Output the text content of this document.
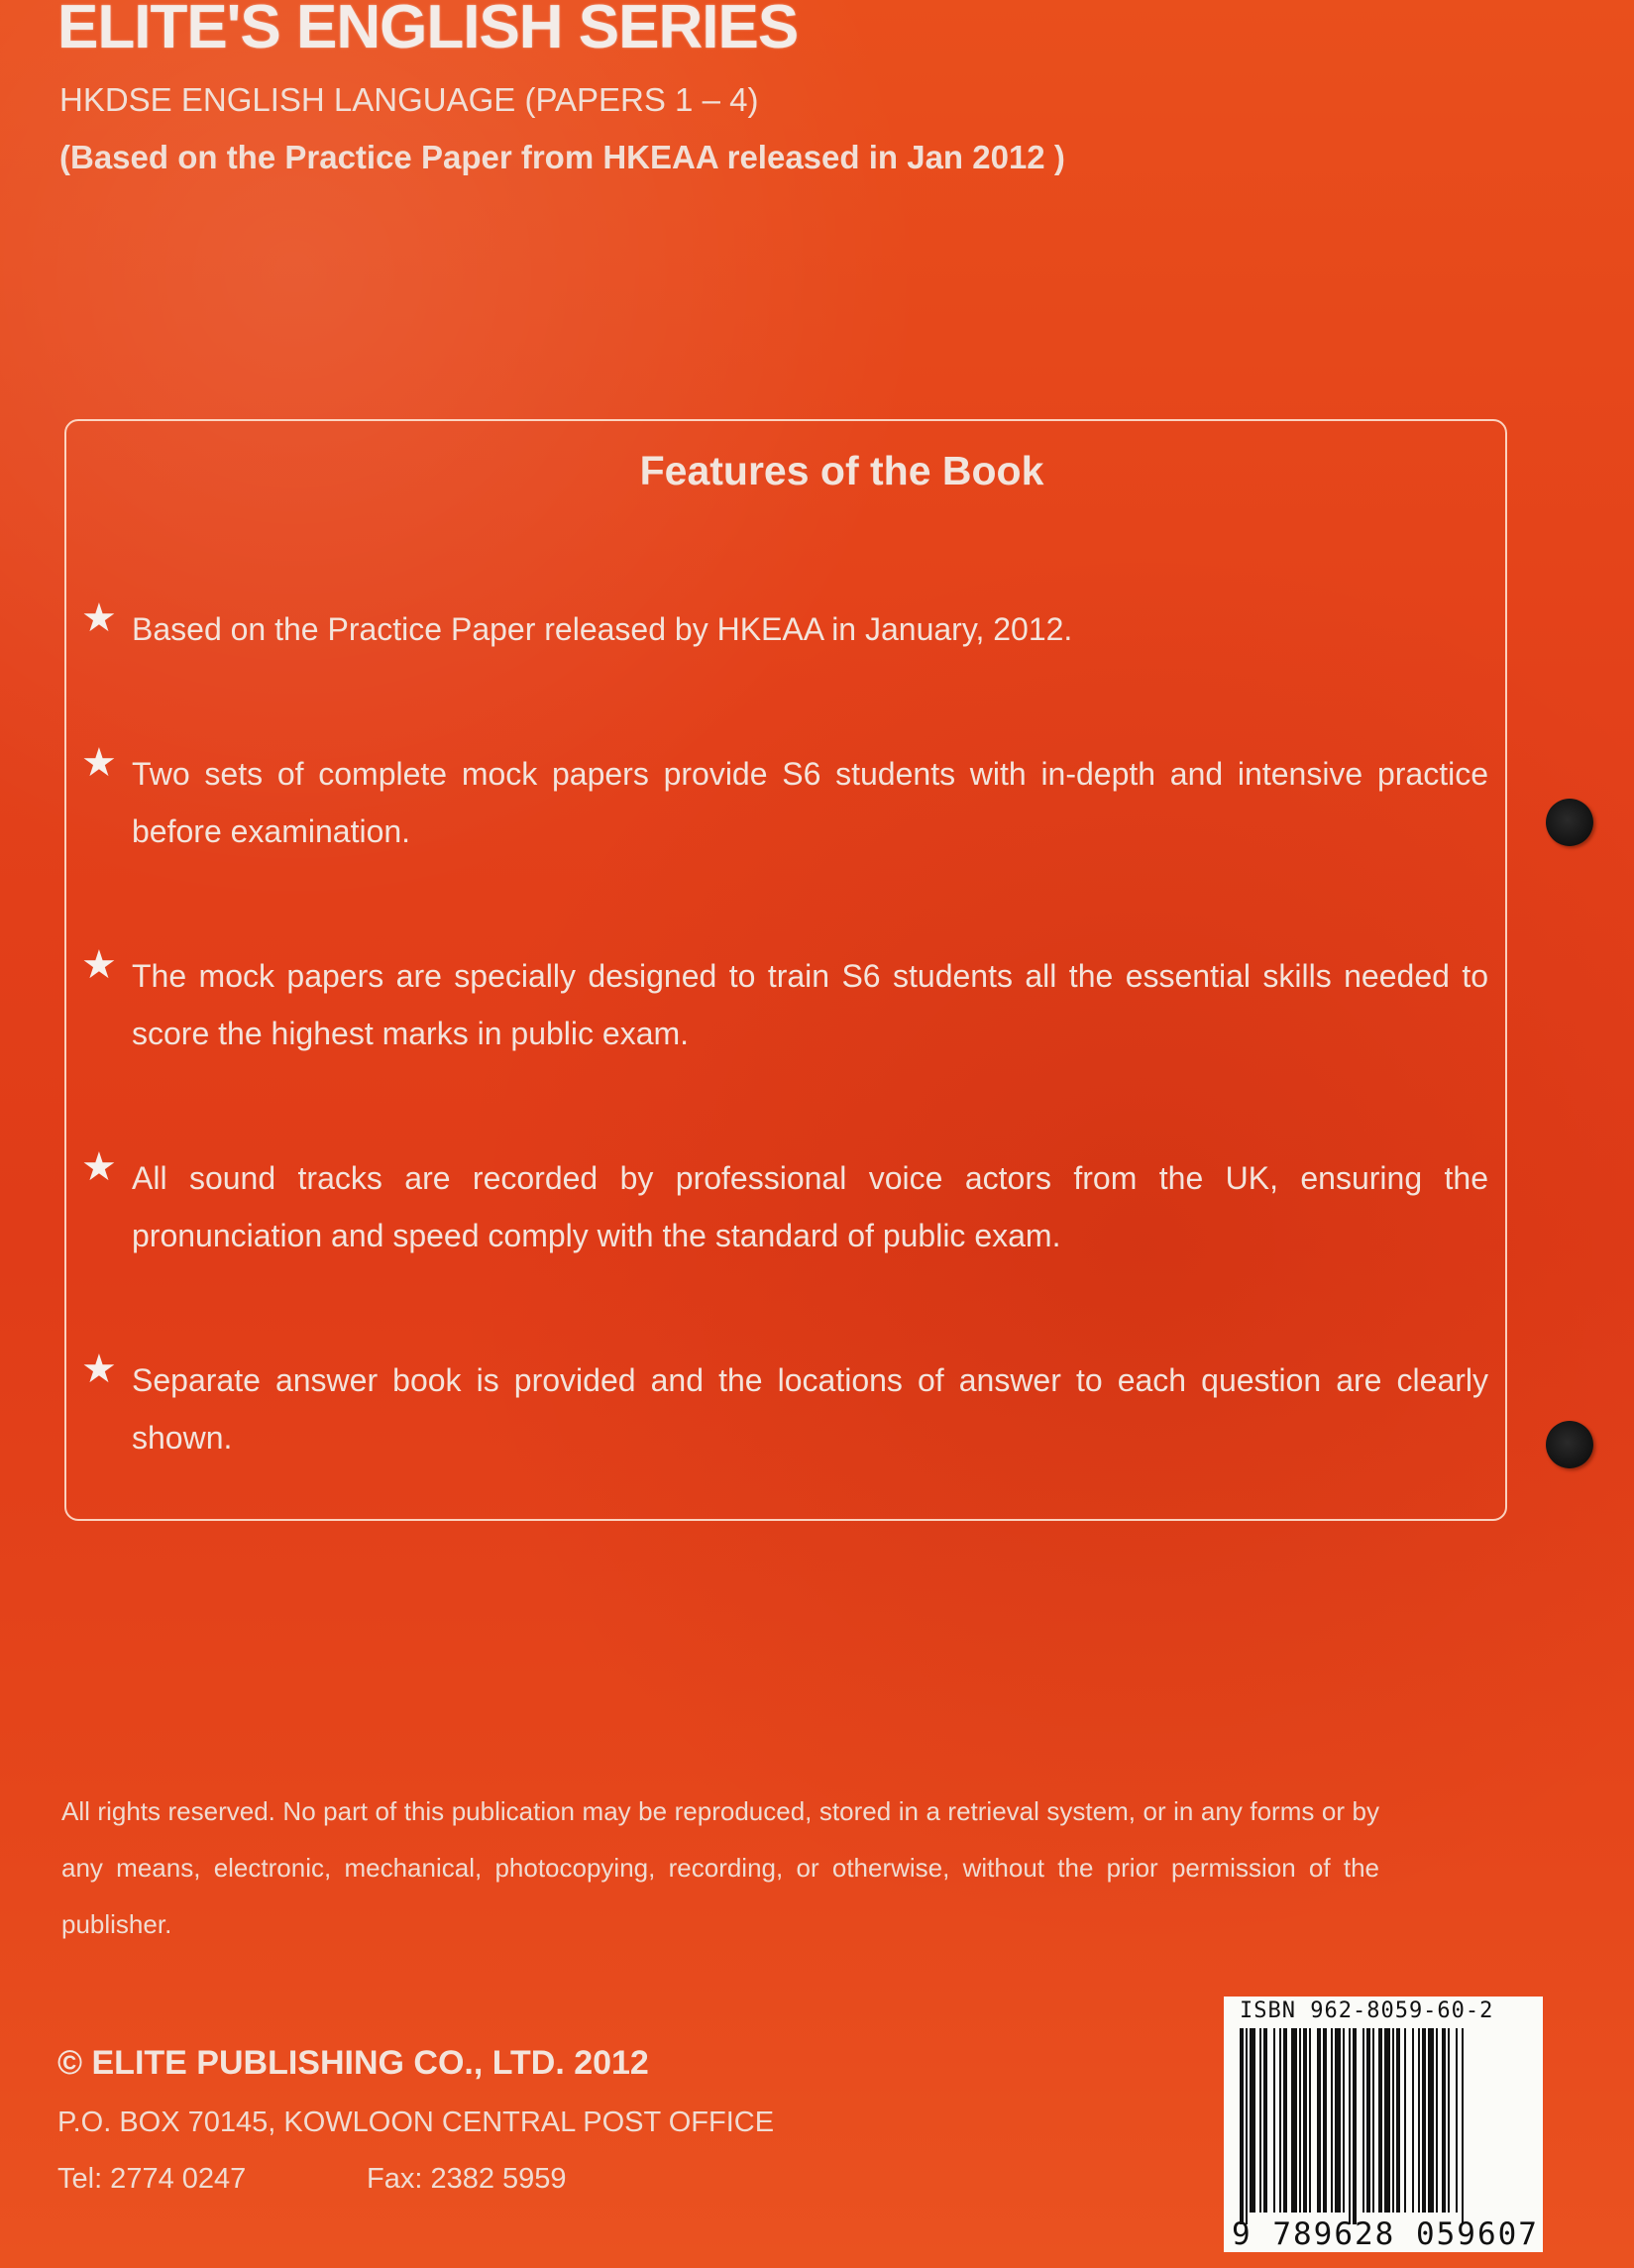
ELITE'S ENGLISH SERIES
HKDSE ENGLISH LANGUAGE (PAPERS 1 – 4)
(Based on the Practice Paper from HKEAA released in Jan 2012 )
Features of the Book
★ Based on the Practice Paper released by HKEAA in January, 2012.
★ Two sets of complete mock papers provide S6 students with in-depth and intensive practice before examination.
★ The mock papers are specially designed to train S6 students all the essential skills needed to score the highest marks in public exam.
★ All sound tracks are recorded by professional voice actors from the UK, ensuring the pronunciation and speed comply with the standard of public exam.
★ Separate answer book is provided and the locations of answer to each question are clearly shown.
All rights reserved. No part of this publication may be reproduced, stored in a retrieval system, or in any forms or by any means, electronic, mechanical, photocopying, recording, or otherwise, without the prior permission of the publisher.
© ELITE PUBLISHING CO., LTD. 2012
P.O. BOX 70145, KOWLOON CENTRAL POST OFFICE
Tel: 2774 0247	Fax: 2382 5959
ISBN 962-8059-60-2
9 789628 059607
